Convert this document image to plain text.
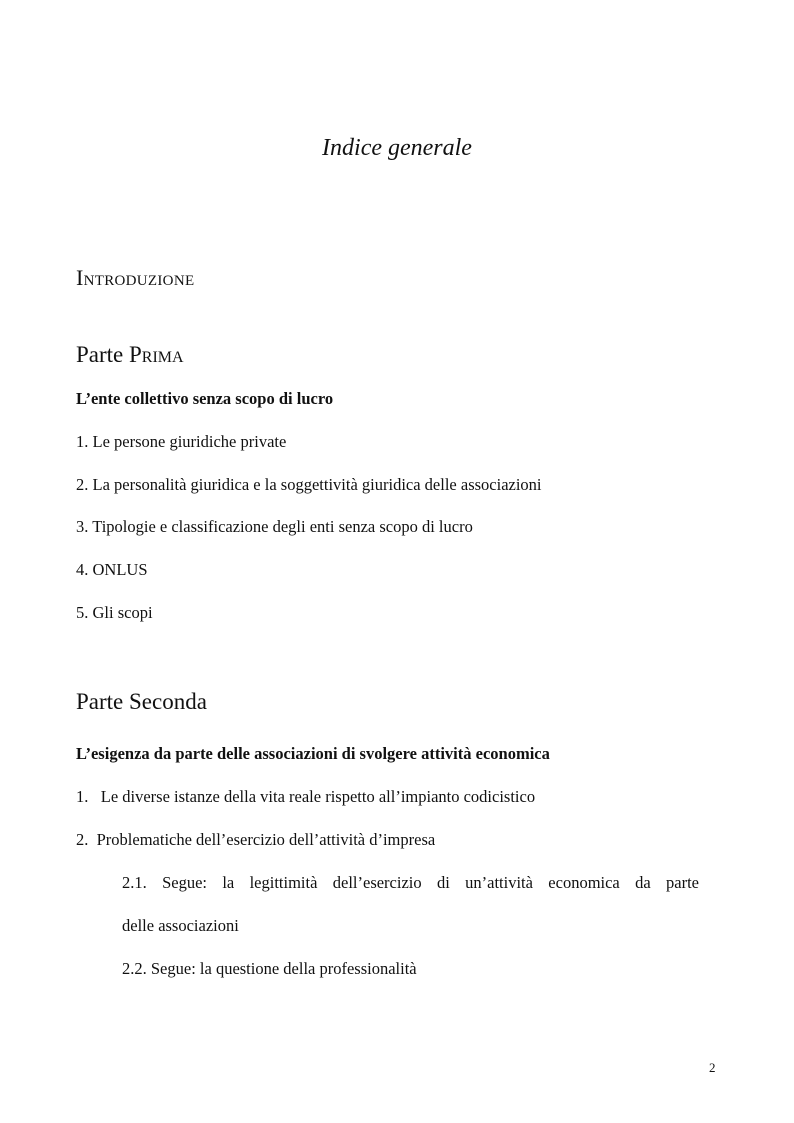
Indice generale
Introduzione
Parte Prima
L’ente collettivo senza scopo di lucro
1. Le persone giuridiche private
2. La personalità giuridica e la soggettività giuridica delle associazioni
3. Tipologie e classificazione degli enti senza scopo di lucro
4. ONLUS
5. Gli scopi
Parte Seconda
L’esigenza da parte delle associazioni di svolgere attività economica
1.   Le diverse istanze della vita reale rispetto all’impianto codicistico
2.  Problematiche dell’esercizio dell’attività d’impresa
2.1. Segue: la legittimità dell’esercizio di un’attività economica da parte
delle associazioni
2.2. Segue: la questione della professionalità
2
